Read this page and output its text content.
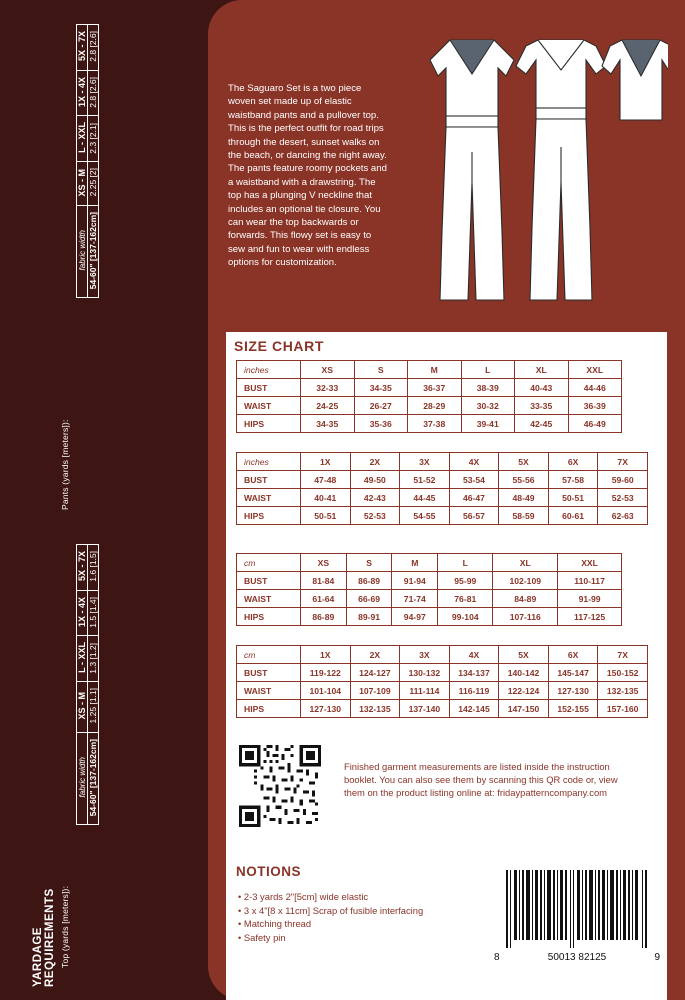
YARDAGE REQUIREMENTS
Pants (yards [meters]):
5X - 7X	2.8 [2.6]
1X - 4X	2.8 [2.6]
L - XXL	2.3 [2.1]
XS - M	2.25 [2]
fabric width	54-60" [137-162cm]
Top (yards [meters]):
5X - 7X	1.6 [1.5]
1X - 4X	1.5 [1.4]
L - XXL	1.3 [1.2]
XS - M	1.25 [1.1]
fabric width	54-60" [137-162cm]
The Saguaro Set is a two piece woven set made up of elastic waistband pants and a pullover top. This is the perfect outfit for road trips through the desert, sunset walks on the beach, or dancing the night away. The pants feature roomy pockets and a waistband with a drawstring. The top has a plunging V neckline that includes an optional tie closure. You can wear the top backwards or forwards. This flowy set is easy to sew and fun to wear with endless options for customization.
SIZE CHART
inches	XS	S	M	L	XL	XXL
BUST	32-33	34-35	36-37	38-39	40-43	44-46
WAIST	24-25	26-27	28-29	30-32	33-35	36-39
HIPS	34-35	35-36	37-38	39-41	42-45	46-49
inches	1X	2X	3X	4X	5X	6X	7X
BUST	47-48	49-50	51-52	53-54	55-56	57-58	59-60
WAIST	40-41	42-43	44-45	46-47	48-49	50-51	52-53
HIPS	50-51	52-53	54-55	56-57	58-59	60-61	62-63
cm	XS	S	M	L	XL	XXL
BUST	81-84	86-89	91-94	95-99	102-109	110-117
WAIST	61-64	66-69	71-74	76-81	84-89	91-99
HIPS	86-89	89-91	94-97	99-104	107-116	117-125
cm	1X	2X	3X	4X	5X	6X	7X
BUST	119-122	124-127	130-132	134-137	140-142	145-147	150-152
WAIST	101-104	107-109	111-114	116-119	122-124	127-130	132-135
HIPS	127-130	132-135	137-140	142-145	147-150	152-155	157-160
Finished garment measurements are listed inside the instruction booklet. You can also see them by scanning this QR code or, view them on the product listing online at: fridaypatterncompany.com
NOTIONS
• 2-3 yards 2"[5cm] wide elastic
• 3 x 4"[8 x 11cm] Scrap of fusible interfacing
• Matching thread
• Safety pin
8	50013 82125	9
